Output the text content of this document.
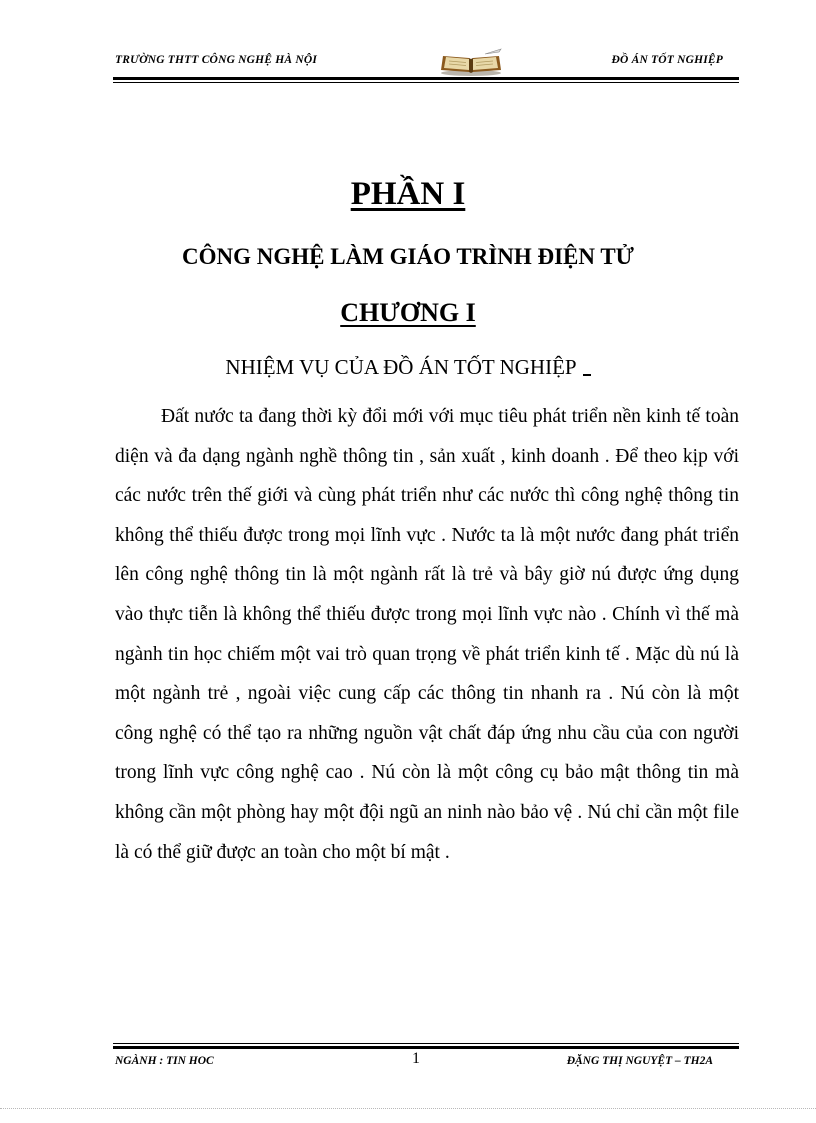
TRƯỜNG THTT CÔNG NGHỆ HÀ NỘI	ĐỒ ÁN TỐT NGHIỆP
PHẦN I
CÔNG NGHỆ LÀM GIÁO TRÌNH ĐIỆN TỬ
CHƯƠNG I
NHIỆM VỤ CỦA ĐỒ ÁN TỐT NGHIỆP

Đất nước ta đang thời kỳ đổi mới với mục tiêu phát triển nền kinh tế toàn diện và đa dạng ngành nghề thông tin , sản xuất , kinh doanh . Để theo kịp với các nước trên thế giới và cùng phát triển như các nước thì công nghệ thông tin không thể thiếu được trong mọi lĩnh vực . Nước ta là một nước đang phát triển lên công nghệ thông tin là một ngành rất là trẻ và bây giờ nú được ứng dụng vào thực tiễn là không thể thiếu được trong mọi lĩnh vực nào . Chính vì thế mà ngành tin học chiếm một vai trò quan trọng về phát triển kinh tế . Mặc dù nú là một ngành trẻ , ngoài việc cung cấp các thông tin nhanh ra . Nú còn là một công nghệ có thể tạo ra những nguồn vật chất đáp ứng nhu cầu của con người trong lĩnh vực công nghệ cao . Nú còn là một công cụ bảo mật thông tin mà không cần một phòng hay một đội ngũ an ninh nào bảo vệ . Nú chỉ cần một file là có thể giữ được an toàn cho một bí mật .

NGÀNH : TIN HOC	1	ĐẶNG THỊ NGUYỆT – TH2A
